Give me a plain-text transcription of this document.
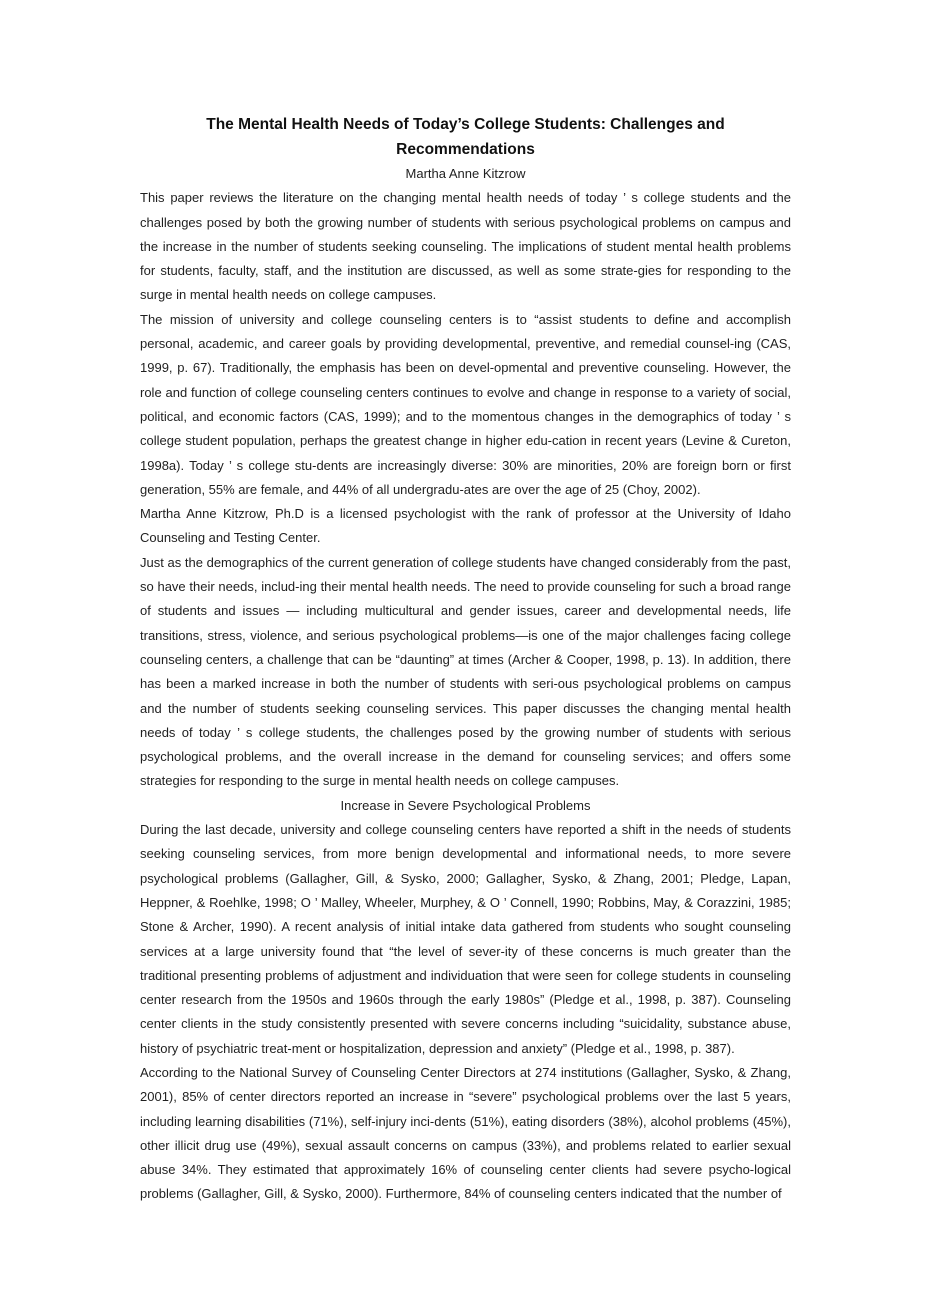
The Mental Health Needs of Today’s College Students: Challenges and Recommendations
Martha Anne Kitzrow

This paper reviews the literature on the changing mental health needs of today ’ s college students and the challenges posed by both the growing number of students with serious psychological problems on campus and the increase in the number of students seeking counseling. The implications of student mental health problems for students, faculty, staff, and the institution are discussed, as well as some strate-gies for responding to the surge in mental health needs on college campuses.

The mission of university and college counseling centers is to “assist students to define and accomplish personal, academic, and career goals by providing developmental, preventive, and remedial counsel-ing (CAS, 1999, p. 67). Traditionally, the emphasis has been on devel-opmental and preventive counseling. However, the role and function of college counseling centers continues to evolve and change in response to a variety of social, political, and economic factors (CAS, 1999); and to the momentous changes in the demographics of today ’ s college student population, perhaps the greatest change in higher edu-cation in recent years (Levine & Cureton, 1998a). Today ’ s college stu-dents are increasingly diverse: 30% are minorities, 20% are foreign born or first generation, 55% are female, and 44% of all undergradu-ates are over the age of 25 (Choy, 2002).

Martha Anne Kitzrow, Ph.D is a licensed psychologist with the rank of professor at the University of Idaho Counseling and Testing Center.

Just as the demographics of the current generation of college students have changed considerably from the past, so have their needs, includ-ing their mental health needs. The need to provide counseling for such a broad range of students and issues — including multicultural and gender issues, career and developmental needs, life transitions, stress, violence, and serious psychological problems—is one of the major challenges facing college counseling centers, a challenge that can be “daunting” at times (Archer & Cooper, 1998, p. 13). In addition, there has been a marked increase in both the number of students with seri-ous psychological problems on campus and the number of students seeking counseling services. This paper discusses the changing mental health needs of today ’ s college students, the challenges posed by the growing number of students with serious psychological problems, and the overall increase in the demand for counseling services; and offers some strategies for responding to the surge in mental health needs on college campuses.

Increase in Severe Psychological Problems

During the last decade, university and college counseling centers have reported a shift in the needs of students seeking counseling services, from more benign developmental and informational needs, to more severe psychological problems (Gallagher, Gill, & Sysko, 2000; Gallagher, Sysko, & Zhang, 2001; Pledge, Lapan, Heppner, & Roehlke, 1998; O ’ Malley, Wheeler, Murphey, & O ’ Connell, 1990; Robbins, May, & Corazzini, 1985; Stone & Archer, 1990). A recent analysis of initial intake data gathered from students who sought counseling services at a large university found that “the level of sever-ity of these concerns is much greater than the traditional presenting problems of adjustment and individuation that were seen for college students in counseling center research from the 1950s and 1960s through the early 1980s” (Pledge et al., 1998, p. 387). Counseling center clients in the study consistently presented with severe concerns including “suicidality, substance abuse, history of psychiatric treat-ment or hospitalization, depression and anxiety” (Pledge et al., 1998, p. 387).

According to the National Survey of Counseling Center Directors at 274 institutions (Gallagher, Sysko, & Zhang, 2001), 85% of center directors reported an increase in “severe” psychological problems over the last 5 years, including learning disabilities (71%), self-injury inci-dents (51%), eating disorders (38%), alcohol problems (45%), other illicit drug use (49%), sexual assault concerns on campus (33%), and problems related to earlier sexual abuse 34%. They estimated that approximately 16% of counseling center clients had severe psycho-logical problems (Gallagher, Gill, & Sysko, 2000). Furthermore, 84% of counseling centers indicated that the number of
